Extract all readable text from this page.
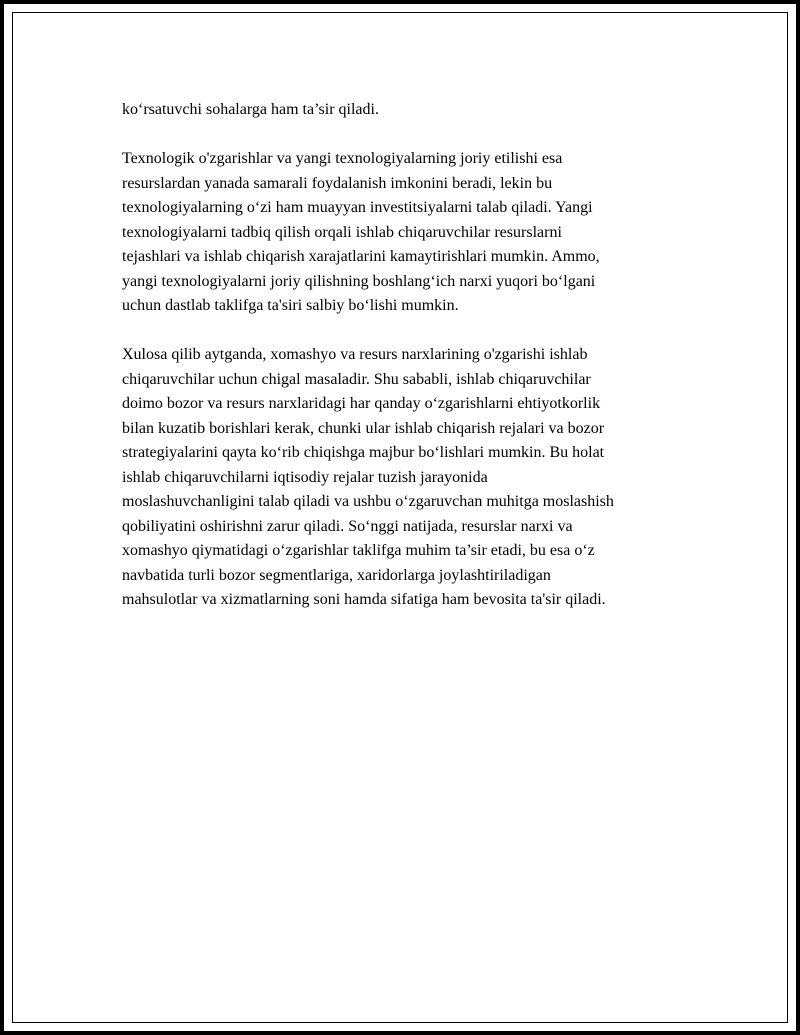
ko‘rsatuvchi sohalarga ham ta’sir qiladi.

Texnologik o'zgarishlar va yangi texnologiyalarning joriy etilishi esa
resurslardan yanada samarali foydalanish imkonini beradi, lekin bu
texnologiyalarning o‘zi ham muayyan investitsiyalarni talab qiladi. Yangi
texnologiyalarni tadbiq qilish orqali ishlab chiqaruvchilar resurslarni
tejashlari va ishlab chiqarish xarajatlarini kamaytirishlari mumkin. Ammo,
yangi texnologiyalarni joriy qilishning boshlang‘ich narxi yuqori bo‘lgani
uchun dastlab taklifga ta'siri salbiy bo‘lishi mumkin.

Xulosa qilib aytganda, xomashyo va resurs narxlarining o'zgarishi ishlab
chiqaruvchilar uchun chigal masaladir. Shu sababli, ishlab chiqaruvchilar
doimo bozor va resurs narxlaridagi har qanday o‘zgarishlarni ehtiyotkorlik
bilan kuzatib borishlari kerak, chunki ular ishlab chiqarish rejalari va bozor
strategiyalarini qayta ko‘rib chiqishga majbur bo‘lishlari mumkin. Bu holat
ishlab chiqaruvchilarni iqtisodiy rejalar tuzish jarayonida
moslashuvchanligini talab qiladi va ushbu o‘zgaruvchan muhitga moslashish
qobiliyatini oshirishni zarur qiladi. So‘nggi natijada, resurslar narxi va
xomashyo qiymatidagi o‘zgarishlar taklifga muhim ta’sir etadi, bu esa o‘z
navbatida turli bozor segmentlariga, xaridorlarga joylashtiriladigan
mahsulotlar va xizmatlarning soni hamda sifatiga ham bevosita ta'sir qiladi.
